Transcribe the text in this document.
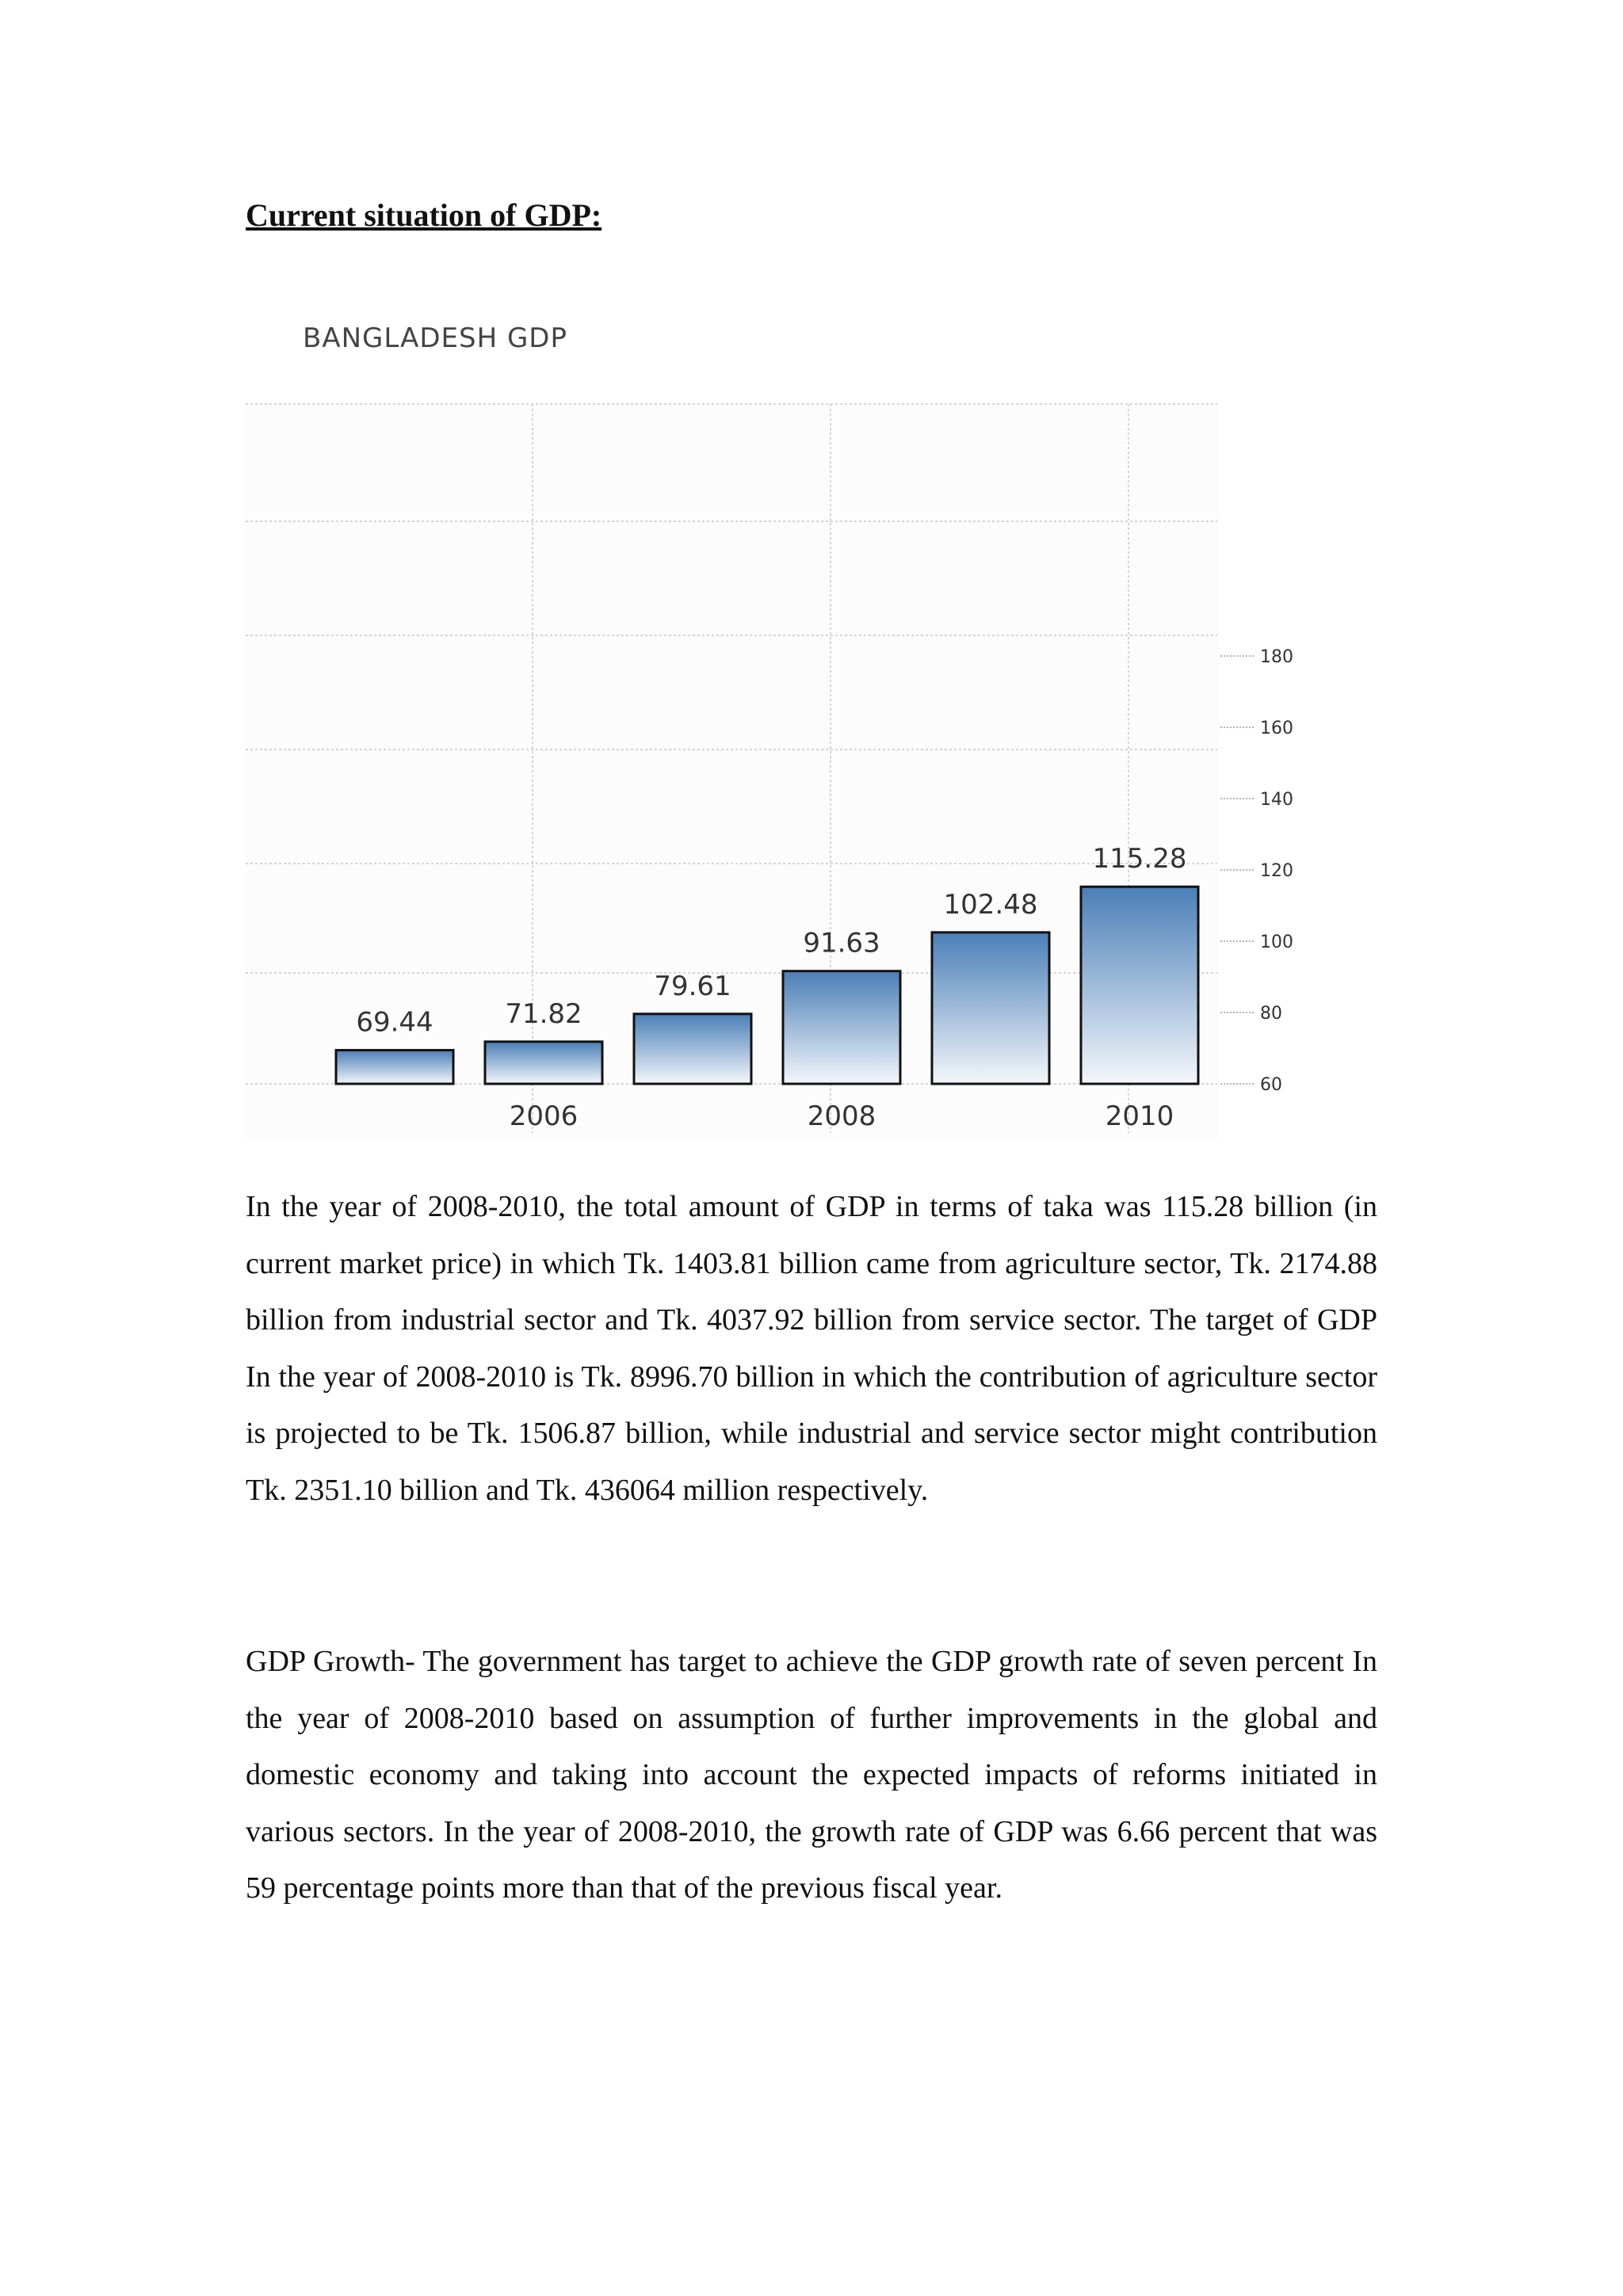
Current situation of GDP:
BANGLADESH GDP
60
80
100
120
140
160
180
69.44	71.82
79.61
91.63
102.48
115.28
2006	2008	2010

In the year of 2008-2010, the total amount of GDP in terms of taka was 115.28 billion (in current market price) in which Tk. 1403.81 billion came from agriculture sector, Tk. 2174.88 billion from industrial sector and Tk. 4037.92 billion from service sector. The target of GDP In the year of 2008-2010 is Tk. 8996.70 billion in which the contribution of agriculture sector is projected to be Tk. 1506.87 billion, while industrial and service sector might contribution Tk. 2351.10 billion and Tk. 436064 million respectively.

GDP Growth- The government has target to achieve the GDP growth rate of seven percent In the year of 2008-2010 based on assumption of further improvements in the global and domestic economy and taking into account the expected impacts of reforms initiated in various sectors. In the year of 2008-2010, the growth rate of GDP was 6.66 percent that was 59 percentage points more than that of the previous fiscal year.
